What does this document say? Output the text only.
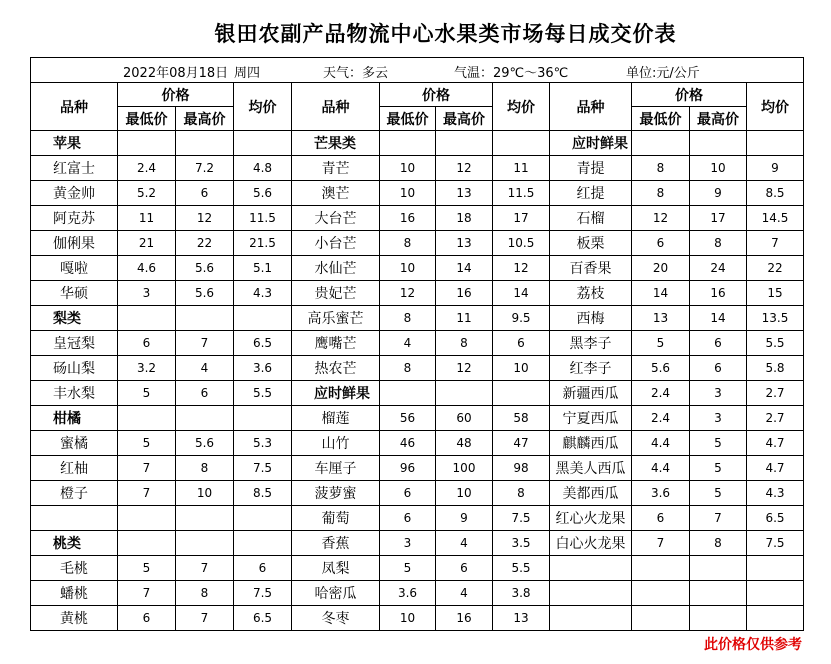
银田农副产品物流中心水果类市场每日成交价表
2022年08月18日 周四 天气：多云 气温：29℃～36℃ 单位:元/公斤											

品种	价格		均价	品种	价格		均价	品种	价格		均价
	最低价	最高价			最低价	最高价			最低价	最高价	
苹果				芒果类				应时鲜果			
红富士	2.4	7.2	4.8	青芒	10	12	11	青提	8	10	9
黄金帅	5.2	6	5.6	澳芒	10	13	11.5	红提	8	9	8.5
阿克苏	11	12	11.5	大台芒	16	18	17	石榴	12	17	14.5
伽俐果	21	22	21.5	小台芒	8	13	10.5	板栗	6	8	7
嘎啦	4.6	5.6	5.1	水仙芒	10	14	12	百香果	20	24	22
华硕	3	5.6	4.3	贵妃芒	12	16	14	荔枝	14	16	15
梨类				高乐蜜芒	8	11	9.5	西梅	13	14	13.5
皇冠梨	6	7	6.5	鹰嘴芒	4	8	6	黑李子	5	6	5.5
砀山梨	3.2	4	3.6	热农芒	8	12	10	红李子	5.6	6	5.8
丰水梨	5	6	5.5	应时鲜果				新疆西瓜	2.4	3	2.7
柑橘				榴莲	56	60	58	宁夏西瓜	2.4	3	2.7
蜜橘	5	5.6	5.3	山竹	46	48	47	麒麟西瓜	4.4	5	4.7
红柚	7	8	7.5	车厘子	96	100	98	黑美人西瓜	4.4	5	4.7
橙子	7	10	8.5	菠萝蜜	6	10	8	美都西瓜	3.6	5	4.3
				葡萄	6	9	7.5	红心火龙果	6	7	6.5
桃类				香蕉	3	4	3.5	白心火龙果	7	8	7.5
毛桃	5	7	6	凤梨	5	6	5.5				
蟠桃	7	8	7.5	哈密瓜	3.6	4	3.8				
黄桃	6	7	6.5	冬枣	10	16	13				
此价格仅供参考
